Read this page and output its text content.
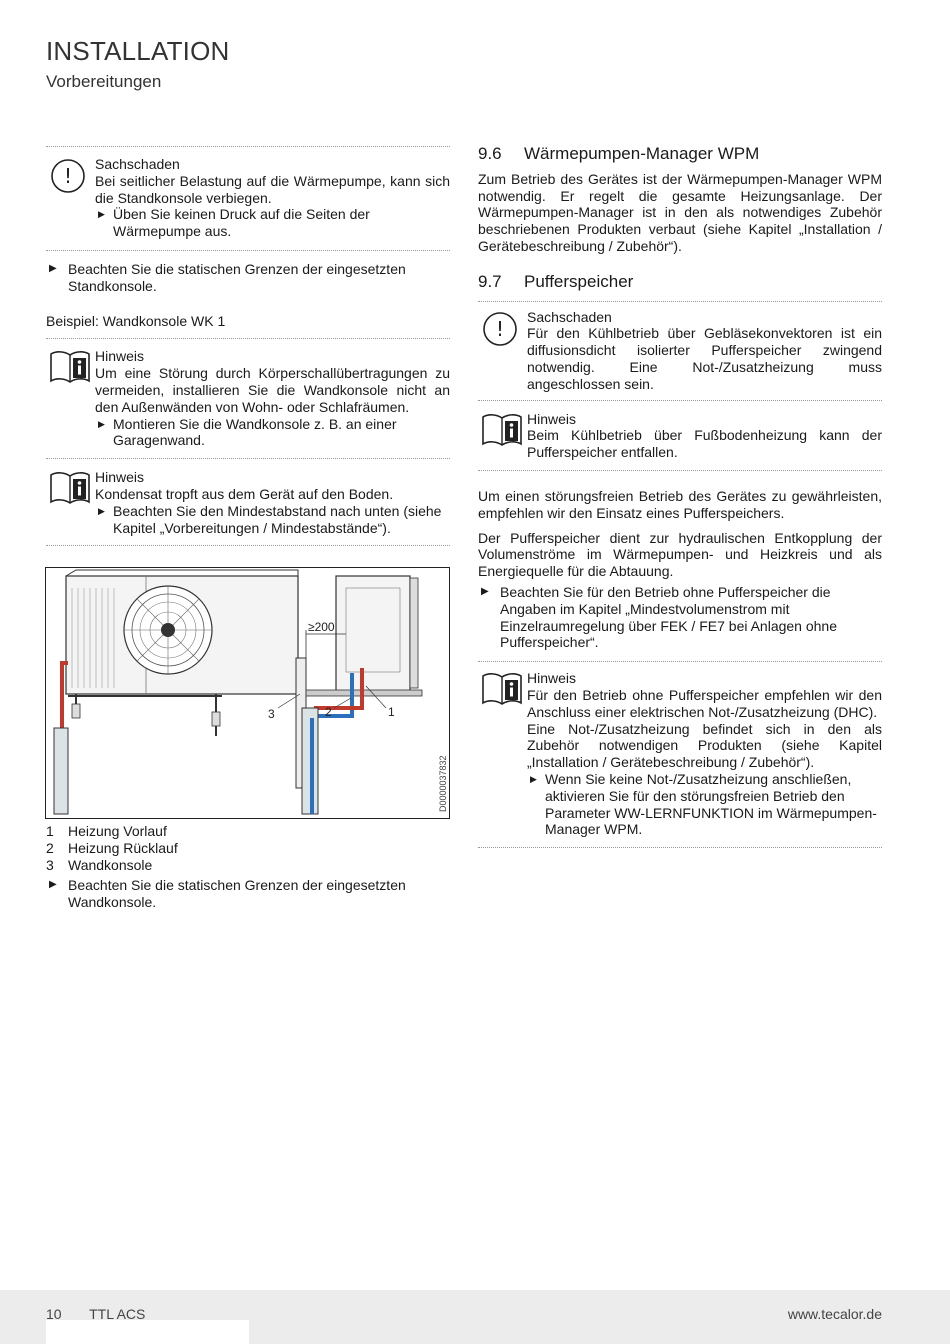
INSTALLATION
Vorbereitungen
! Sachschaden
Bei seitlicher Belastung auf die Wärmepumpe, kann sich die Standkonsole verbiegen.
▶ Üben Sie keinen Druck auf die Seiten der Wärmepumpe aus.
▶ Beachten Sie die statischen Grenzen der eingesetzten Standkonsole.
Beispiel: Wandkonsole WK 1
Hinweis
Um eine Störung durch Körperschallübertragungen zu vermeiden, installieren Sie die Wandkonsole nicht an den Außenwänden von Wohn- oder Schlafräumen.
▶ Montieren Sie die Wandkonsole z. B. an einer Garagenwand.
Hinweis
Kondensat tropft aus dem Gerät auf den Boden.
▶ Beachten Sie den Mindestabstand nach unten (siehe Kapitel „Vorbereitungen / Mindestabstände“).
≥200
3	2	1
D0000037832
1 Heizung Vorlauf
2 Heizung Rücklauf
3 Wandkonsole
▶ Beachten Sie die statischen Grenzen der eingesetzten Wandkonsole.
9.6 Wärmepumpen-Manager WPM
Zum Betrieb des Gerätes ist der Wärmepumpen-Manager WPM notwendig. Er regelt die gesamte Heizungsanlage. Der Wärmepumpen-Manager ist in den als notwendiges Zubehör beschriebenen Produkten verbaut (siehe Kapitel „Installation / Gerätebeschreibung / Zubehör“).
9.7 Pufferspeicher
! Sachschaden
Für den Kühlbetrieb über Gebläsekonvektoren ist ein diffusionsdicht isolierter Pufferspeicher zwingend notwendig. Eine Not-/Zusatzheizung muss angeschlossen sein.
Hinweis
Beim Kühlbetrieb über Fußbodenheizung kann der Pufferspeicher entfallen.
Um einen störungsfreien Betrieb des Gerätes zu gewährleisten, empfehlen wir den Einsatz eines Pufferspeichers.
Der Pufferspeicher dient zur hydraulischen Entkopplung der Volumenströme im Wärmepumpen- und Heizkreis und als Energiequelle für die Abtauung.
▶ Beachten Sie für den Betrieb ohne Pufferspeicher die Angaben im Kapitel „Mindestvolumenstrom mit Einzelraumregelung über FEK / FE7 bei Anlagen ohne Pufferspeicher“.
Hinweis
Für den Betrieb ohne Pufferspeicher empfehlen wir den Anschluss einer elektrischen Not-/Zusatzheizung (DHC).
Eine Not-/Zusatzheizung befindet sich in den als Zubehör notwendigen Produkten (siehe Kapitel „Installation / Gerätebeschreibung / Zubehör“).
▶ Wenn Sie keine Not-/Zusatzheizung anschließen, aktivieren Sie für den störungsfreien Betrieb den Parameter WW-LERNFUNKTION im Wärmepumpen-Manager WPM.
10 TTL ACS	www.tecalor.de
